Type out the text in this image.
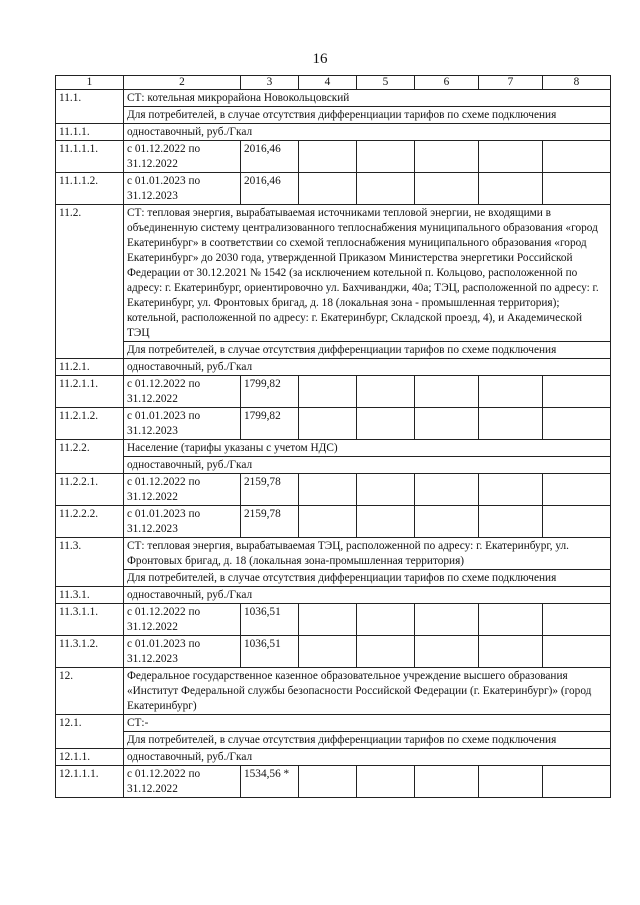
16
1	2	3	4	5	6	7	8
11.1.	СТ: котельная микрорайона Новокольцовский						
	Для потребителей, в случае отсутствия дифференциации тарифов по схеме подключения						
11.1.1.	одноставочный, руб./Гкал						
11.1.1.1.	с 01.12.2022 по 31.12.2022	2016,46					
11.1.1.2.	с 01.01.2023 по 31.12.2023	2016,46					
11.2.	СТ: тепловая энергия, вырабатываемая источниками тепловой энергии, не входящими в объединенную систему централизованного теплоснабжения муниципального образования «город Екатеринбург» в соответствии со схемой теплоснабжения муниципального образования «город Екатеринбург» до 2030 года, утвержденной Приказом Министерства энергетики Российской Федерации от 30.12.2021 № 1542 (за исключением котельной п. Кольцово, расположенной по адресу: г. Екатеринбург, ориентировочно ул. Бахчиванджи, 40а; ТЭЦ, расположенной по адресу: г. Екатеринбург, ул. Фронтовых бригад, д. 18 (локальная зона - промышленная территория); котельной, расположенной по адресу: г. Екатеринбург, Складской проезд, 4), и Академической ТЭЦ						
	Для потребителей, в случае отсутствия дифференциации тарифов по схеме подключения						
11.2.1.	одноставочный, руб./Гкал						
11.2.1.1.	с 01.12.2022 по 31.12.2022	1799,82					
11.2.1.2.	с 01.01.2023 по 31.12.2023	1799,82					
11.2.2.	Население (тарифы указаны с учетом НДС)						
	одноставочный, руб./Гкал						
11.2.2.1.	с 01.12.2022 по 31.12.2022	2159,78					
11.2.2.2.	с 01.01.2023 по 31.12.2023	2159,78					
11.3.	СТ: тепловая энергия, вырабатываемая ТЭЦ, расположенной по адресу: г. Екатеринбург, ул. Фронтовых бригад, д. 18 (локальная зона-промышленная территория)						
	Для потребителей, в случае отсутствия дифференциации тарифов по схеме подключения						
11.3.1.	одноставочный, руб./Гкал						
11.3.1.1.	с 01.12.2022 по 31.12.2022	1036,51					
11.3.1.2.	с 01.01.2023 по 31.12.2023	1036,51					
12.	Федеральное государственное казенное образовательное учреждение высшего образования «Институт Федеральной службы безопасности Российской Федерации (г. Екатеринбург)» (город Екатеринбург)						
12.1.	СТ:-						
	Для потребителей, в случае отсутствия дифференциации тарифов по схеме подключения						
12.1.1.	одноставочный, руб./Гкал						
12.1.1.1.	с 01.12.2022 по 31.12.2022	1534,56 *					
